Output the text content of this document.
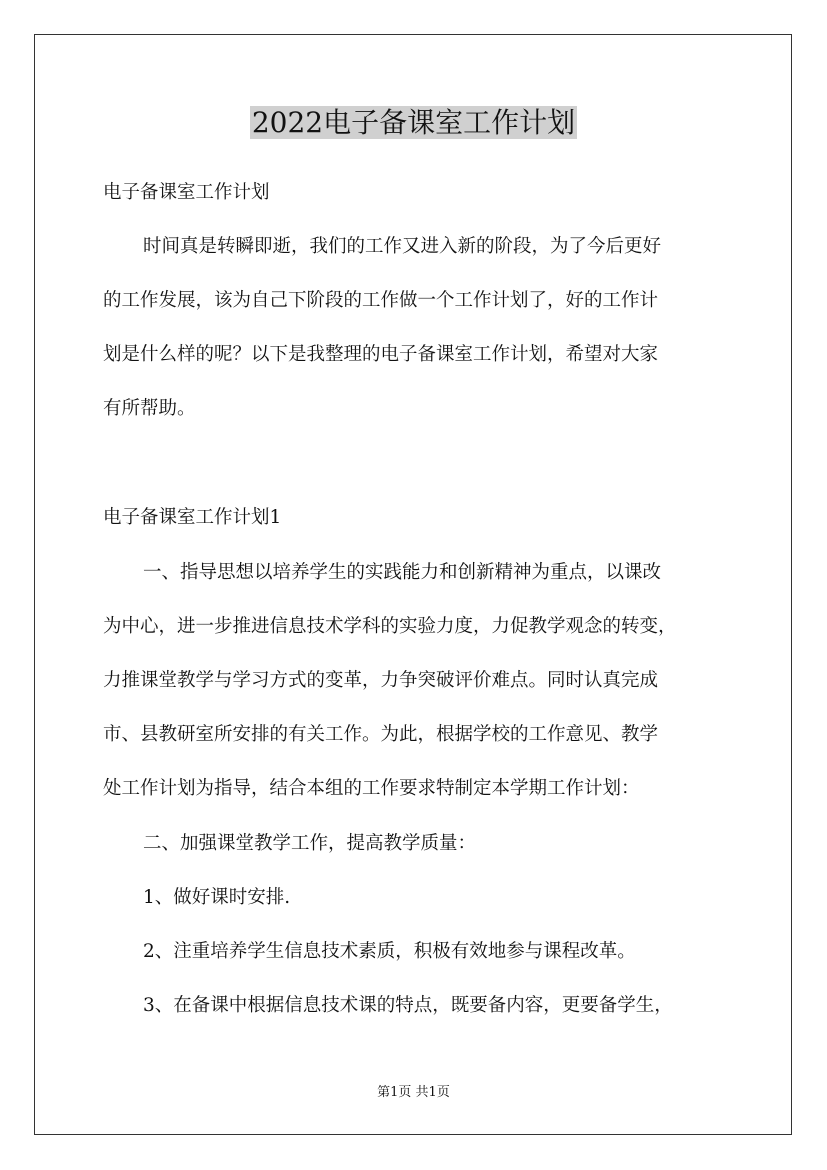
2022电子备课室工作计划

电子备课室工作计划

时间真是转瞬即逝，我们的工作又进入新的阶段，为了今后更好

的工作发展，该为自己下阶段的工作做一个工作计划了，好的工作计

划是什么样的呢？以下是我整理的电子备课室工作计划，希望对大家

有所帮助。

电子备课室工作计划1

一、指导思想以培养学生的实践能力和创新精神为重点，以课改

为中心，进一步推进信息技术学科的实验力度，力促教学观念的转变，

力推课堂教学与学习方式的变革，力争突破评价难点。同时认真完成

市、县教研室所安排的有关工作。为此，根据学校的工作意见、教学

处工作计划为指导，结合本组的工作要求特制定本学期工作计划：

二、加强课堂教学工作，提高教学质量：

1、做好课时安排.

2、注重培养学生信息技术素质，积极有效地参与课程改革。

3、在备课中根据信息技术课的特点，既要备内容，更要备学生，

第1页 共1页
